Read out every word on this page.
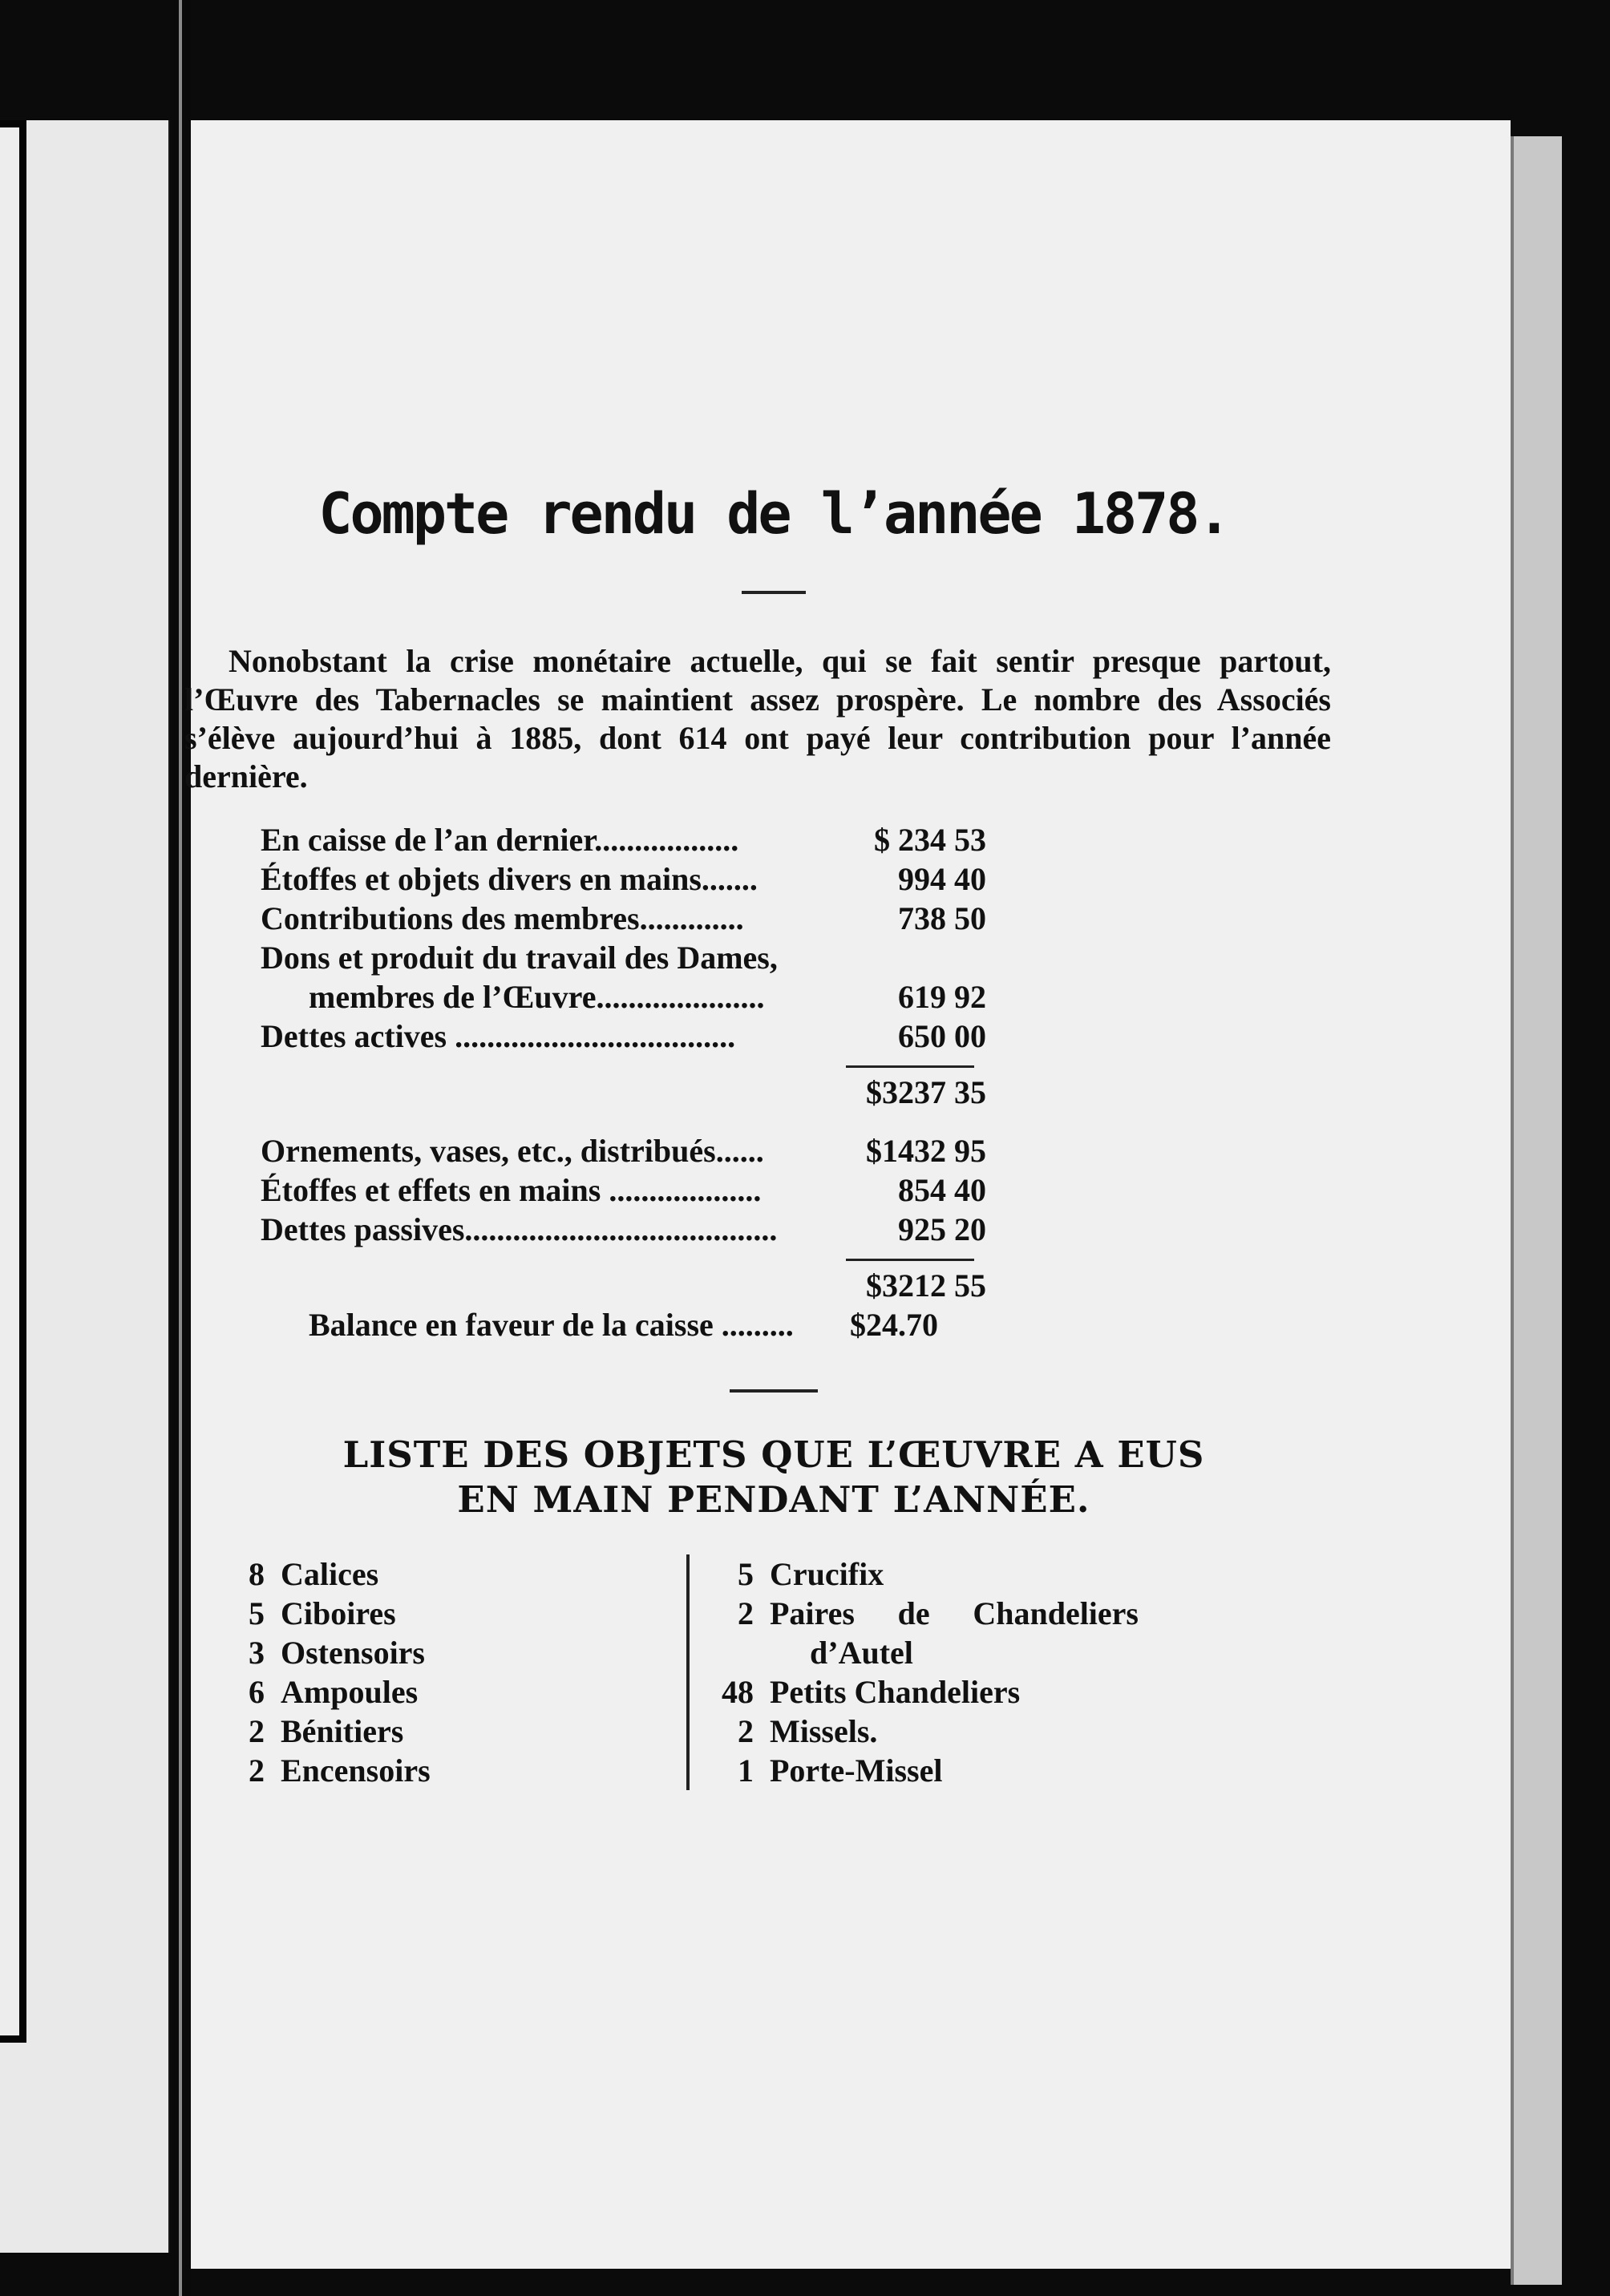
Compte rendu de l’année 1878.

Nonobstant la crise monétaire actuelle, qui se fait sentir presque partout, l’Œuvre des Tabernacles se maintient assez prospère. Le nombre des Associés s’élève aujourd’hui à 1885, dont 614 ont payé leur contribution pour l’année dernière.

En caisse de l’an dernier..................	$ 234 53
Étoffes et objets divers en mains.......	994 40
Contributions des membres.............	738 50
Dons et produit du travail des Dames,
membres de l’Œuvre.....................	619 92
Dettes actives ...................................	650 00
$3237 35
Ornements, vases, etc., distribués......	$1432 95
Étoffes et effets en mains ...................	854 40
Dettes passives.......................................	925 20
$3212 55
Balance en faveur de la caisse .........	$24.70
LISTE DES OBJETS QUE L’ŒUVRE A EUS
EN MAIN PENDANT L’ANNÉE.
8 Calices
5 Ciboires
3 Ostensoirs
6 Ampoules
2 Bénitiers
2 Encensoirs
5 Crucifix
2 Paires de Chandeliers
d’Autel
48 Petits Chandeliers
2 Missels.
1 Porte-Missel
